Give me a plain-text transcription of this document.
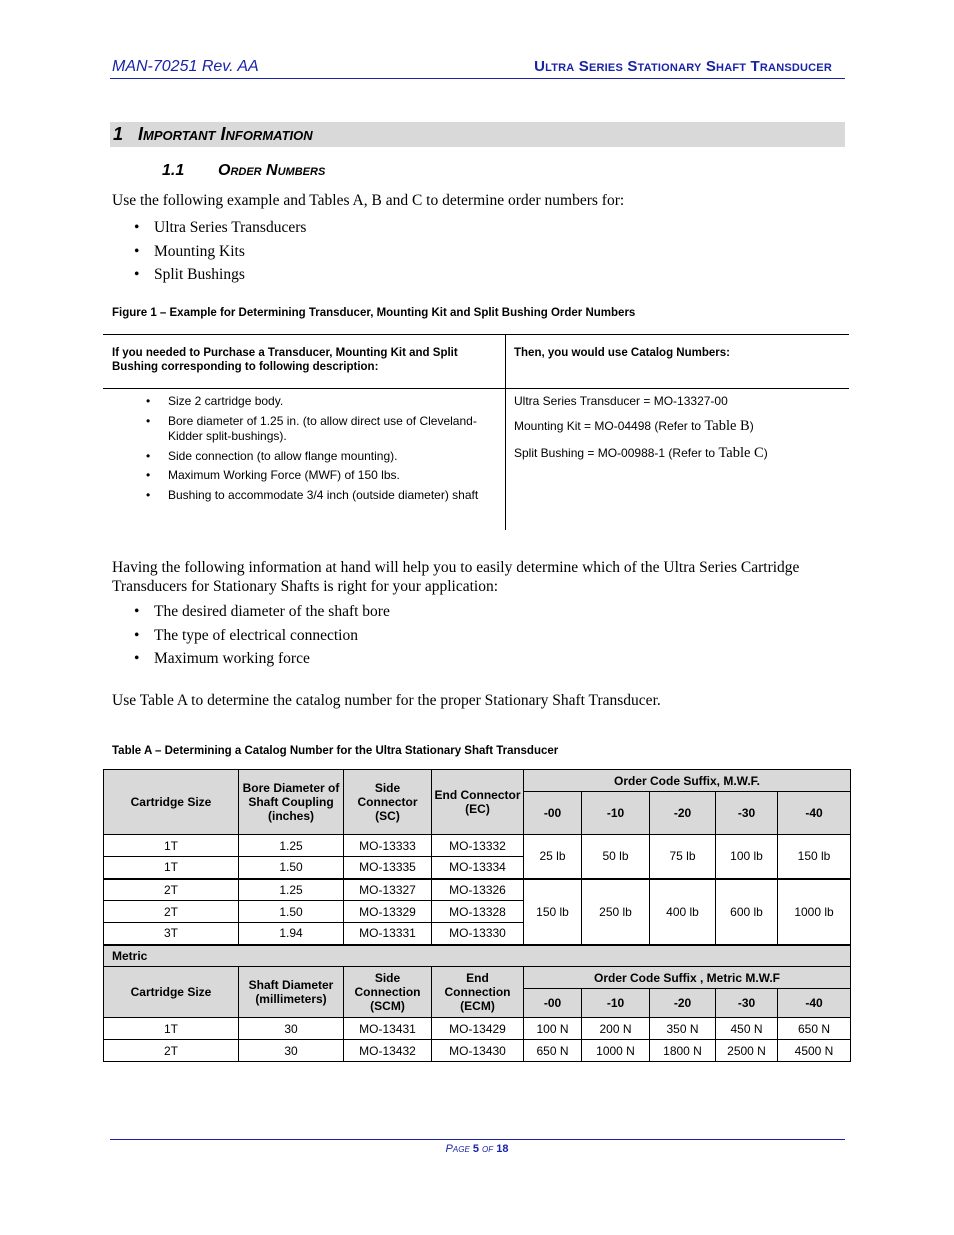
MAN-70251 Rev. AA	Ultra Series Stationary Shaft Transducer
1 Important Information
1.1 Order Numbers
Use the following example and Tables A, B and C to determine order numbers for:
• Ultra Series Transducers
• Mounting Kits
• Split Bushings
Figure 1 – Example for Determining Transducer, Mounting Kit and Split Bushing Order Numbers
If you needed to Purchase a Transducer, Mounting Kit and Split Bushing corresponding to following description:
Then, you would use Catalog Numbers:
• Size 2 cartridge body.
• Bore diameter of 1.25 in. (to allow direct use of Cleveland-Kidder split-bushings).
• Side connection (to allow flange mounting).
• Maximum Working Force (MWF) of 150 lbs.
• Bushing to accommodate 3/4 inch (outside diameter) shaft
Ultra Series Transducer = MO-13327-00
Mounting Kit = MO-04498 (Refer to Table B)
Split Bushing = MO-00988-1 (Refer to Table C)
Having the following information at hand will help you to easily determine which of the Ultra Series Cartridge Transducers for Stationary Shafts is right for your application:
• The desired diameter of the shaft bore
• The type of electrical connection
• Maximum working force
Use Table A to determine the catalog number for the proper Stationary Shaft Transducer.
Table A – Determining a Catalog Number for the Ultra Stationary Shaft Transducer
Cartridge Size	Bore Diameter of Shaft Coupling (inches)	Side Connector (SC)	End Connector (EC)	Order Code Suffix, M.W.F.				
				-00	-10	-20	-30	-40
1T	1.25	MO-13333	MO-13332	25 lb	50 lb	75 lb	100 lb	150 lb
1T	1.50	MO-13335	MO-13334					
2T	1.25	MO-13327	MO-13326	150 lb	250 lb	400 lb	600 lb	1000 lb
2T	1.50	MO-13329	MO-13328					
3T	1.94	MO-13331	MO-13330					
Metric								
Cartridge Size	Shaft Diameter (millimeters)	Side Connection (SCM)	End Connection (ECM)	Order Code Suffix , Metric M.W.F				
				-00	-10	-20	-30	-40
1T	30	MO-13431	MO-13429	100 N	200 N	350 N	450 N	650 N
2T	30	MO-13432	MO-13430	650 N	1000 N	1800 N	2500 N	4500 N
Page 5 of 18
